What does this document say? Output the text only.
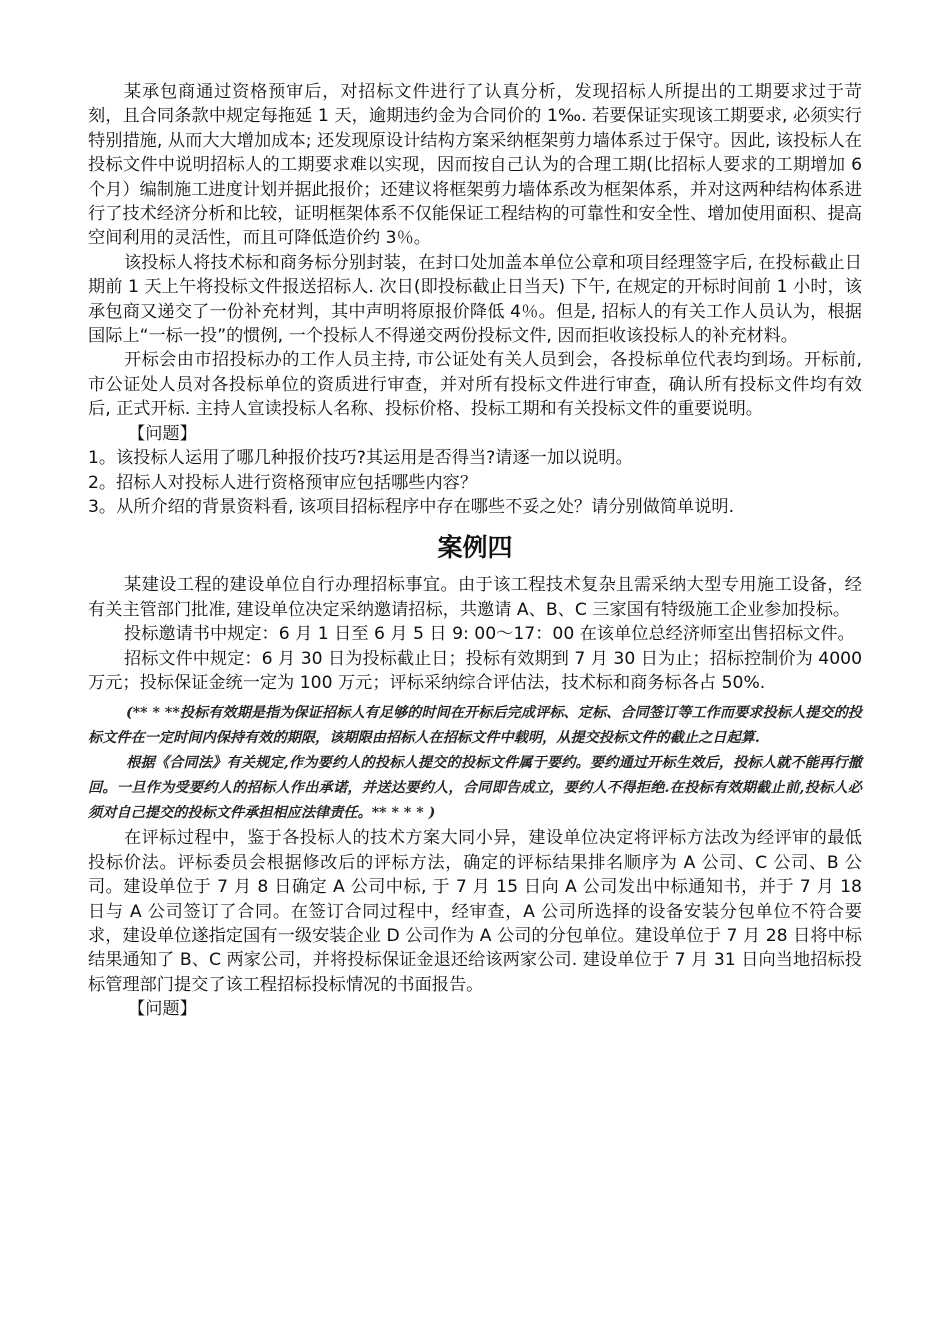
某承包商通过资格预审后，对招标文件进行了认真分析，发现招标人所提出的工期要求过于苛刻，且合同条款中规定每拖延 1 天，逾期违约金为合同价的 1‰. 若要保证实现该工期要求, 必须实行特别措施, 从而大大增加成本; 还发现原设计结构方案采纳框架剪力墙体系过于保守。因此, 该投标人在投标文件中说明招标人的工期要求难以实现，因而按自己认为的合理工期(比招标人要求的工期增加 6 个月）编制施工进度计划并据此报价；还建议将框架剪力墙体系改为框架体系，并对这两种结构体系进行了技术经济分析和比较，证明框架体系不仅能保证工程结构的可靠性和安全性、增加使用面积、提高空间利用的灵活性，而且可降低造价约 3％。

该投标人将技术标和商务标分别封装，在封口处加盖本单位公章和项目经理签字后, 在投标截止日期前 1 天上午将投标文件报送招标人. 次日(即投标截止日当天) 下午, 在规定的开标时间前 1 小时，该承包商又递交了一份补充材判，其中声明将原报价降低 4％。但是, 招标人的有关工作人员认为，根据国际上“一标一投”的惯例, 一个投标人不得递交两份投标文件, 因而拒收该投标人的补充材料。

开标会由市招投标办的工作人员主持, 市公证处有关人员到会，各投标单位代表均到场。开标前, 市公证处人员对各投标单位的资质进行审查，并对所有投标文件进行审查，确认所有投标文件均有效后, 正式开标. 主持人宣读投标人名称、投标价格、投标工期和有关投标文件的重要说明。

【问题】

1。该投标人运用了哪几种报价技巧?其运用是否得当?请逐一加以说明。

2。招标人对投标人进行资格预审应包括哪些内容？

3。从所介绍的背景资料看, 该项目招标程序中存在哪些不妥之处？请分别做简单说明.

案例四

某建设工程的建设单位自行办理招标事宜。由于该工程技术复杂且需采纳大型专用施工设备，经有关主管部门批准, 建设单位决定采纳邀请招标，共邀请 A、B、C 三家国有特级施工企业参加投标。

投标邀请书中规定：6 月 1 日至 6 月 5 日 9: 00～17：00 在该单位总经济师室出售招标文件。

招标文件中规定：6 月 30 日为投标截止日；投标有效期到 7 月 30 日为止；招标控制价为 4000 万元；投标保证金统一定为 100 万元；评标采纳综合评估法，技术标和商务标各占 50%.

(** * **投标有效期是指为保证招标人有足够的时间在开标后完成评标、定标、合同签订等工作而要求投标人提交的投标文件在一定时间内保持有效的期限，该期限由招标人在招标文件中载明，从提交投标文件的截止之日起算.

根据《合同法》有关规定,作为要约人的投标人提交的投标文件属于要约。要约通过开标生效后，投标人就不能再行撤回。一旦作为受要约人的招标人作出承诺，并送达要约人，合同即告成立，要约人不得拒绝.在投标有效期截止前,投标人必须对自己提交的投标文件承担相应法律责任。** * * * )

在评标过程中，鉴于各投标人的技术方案大同小异，建设单位决定将评标方法改为经评审的最低投标价法。评标委员会根据修改后的评标方法，确定的评标结果排名顺序为 A 公司、C 公司、B 公司。建设单位于 7 月 8 日确定 A 公司中标, 于 7 月 15 日向 A 公司发出中标通知书，并于 7 月 18 日与 A 公司签订了合同。在签订合同过程中，经审查，A 公司所选择的设备安装分包单位不符合要求，建设单位遂指定国有一级安装企业 D 公司作为 A 公司的分包单位。建设单位于 7 月 28 日将中标结果通知了 B、C 两家公司，并将投标保证金退还给该两家公司. 建设单位于 7 月 31 日向当地招标投标管理部门提交了该工程招标投标情况的书面报告。

【问题】
